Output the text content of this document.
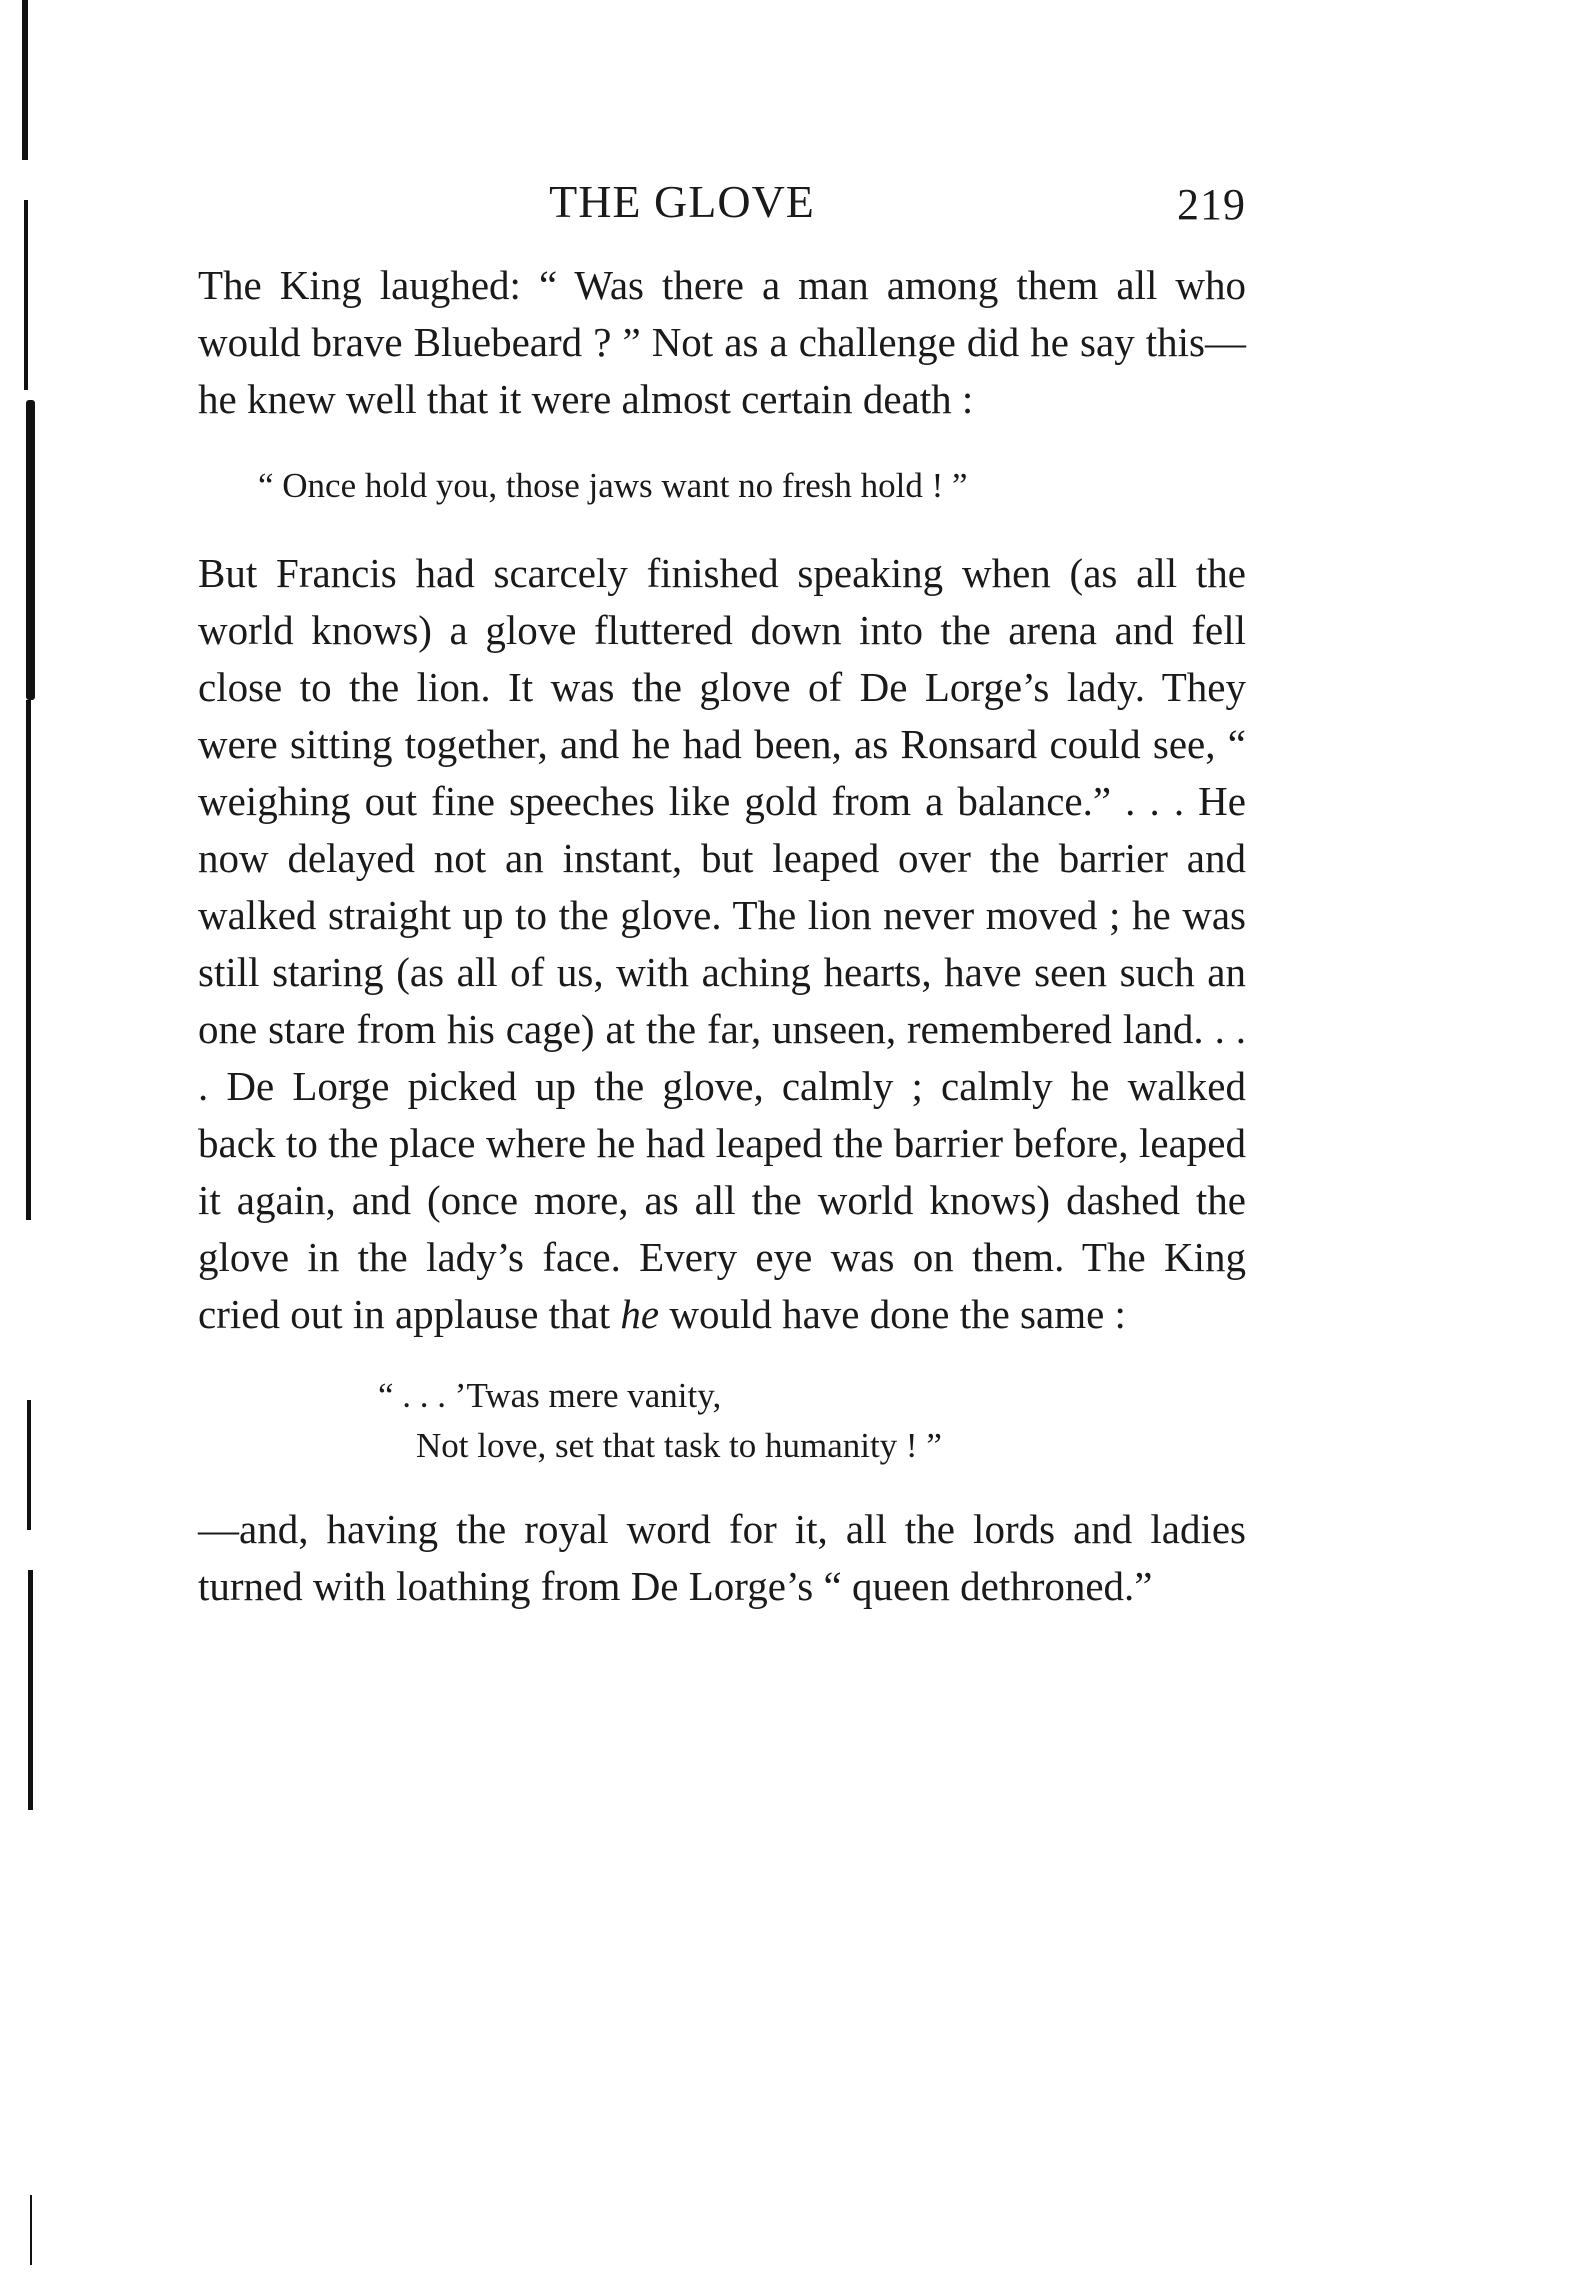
THE GLOVE	219

The King laughed: “ Was there a man among them all who would brave Bluebeard ? ” Not as a challenge did he say this—he knew well that it were almost certain death :

“ Once hold you, those jaws want no fresh hold ! ”

But Francis had scarcely finished speaking when (as all the world knows) a glove fluttered down into the arena and fell close to the lion. It was the glove of De Lorge’s lady. They were sitting together, and he had been, as Ronsard could see, “ weighing out fine speeches like gold from a balance.” . . . He now delayed not an instant, but leaped over the barrier and walked straight up to the glove. The lion never moved ; he was still staring (as all of us, with aching hearts, have seen such an one stare from his cage) at the far, unseen, remembered land. . . . De Lorge picked up the glove, calmly ; calmly he walked back to the place where he had leaped the barrier before, leaped it again, and (once more, as all the world knows) dashed the glove in the lady’s face. Every eye was on them. The King cried out in applause that he would have done the same :

“ . . . ’Twas mere vanity,
Not love, set that task to humanity ! ”

—and, having the royal word for it, all the lords and ladies turned with loathing from De Lorge’s “ queen dethroned.”
